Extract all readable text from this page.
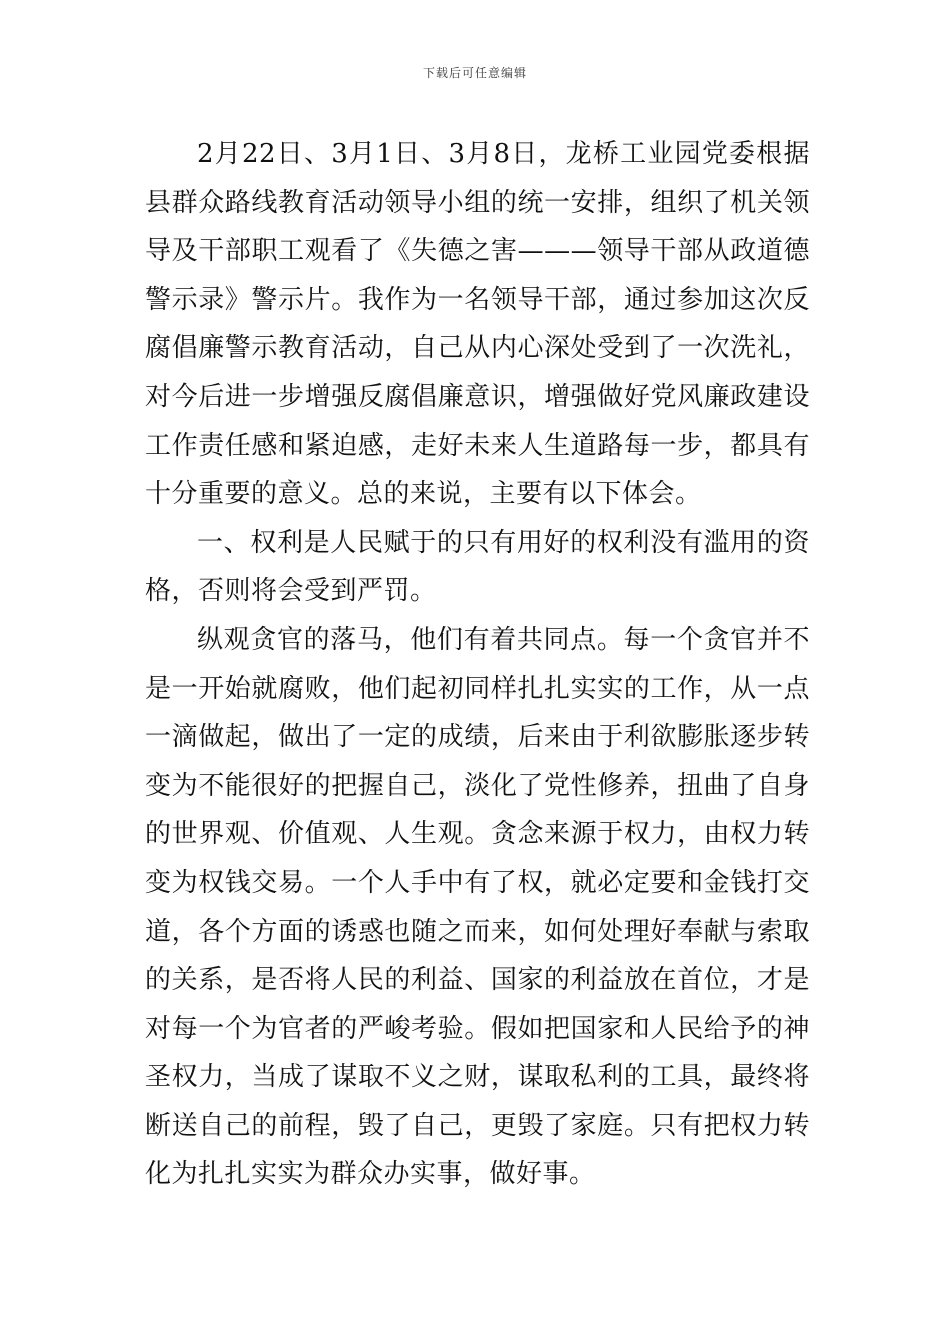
下载后可任意编辑

2月22日、3月1日、3月8日，龙桥工业园党委根据县群众路线教育活动领导小组的统一安排，组织了机关领导及干部职工观看了《失德之害———领导干部从政道德警示录》警示片。我作为一名领导干部，通过参加这次反腐倡廉警示教育活动，自己从内心深处受到了一次洗礼，对今后进一步增强反腐倡廉意识，增强做好党风廉政建设工作责任感和紧迫感，走好未来人生道路每一步，都具有十分重要的意义。总的来说，主要有以下体会。

一、权利是人民赋于的只有用好的权利没有滥用的资格，否则将会受到严罚。

纵观贪官的落马，他们有着共同点。每一个贪官并不是一开始就腐败，他们起初同样扎扎实实的工作，从一点一滴做起，做出了一定的成绩，后来由于利欲膨胀逐步转变为不能很好的把握自己，淡化了党性修养，扭曲了自身的世界观、价值观、人生观。贪念来源于权力，由权力转变为权钱交易。一个人手中有了权，就必定要和金钱打交道，各个方面的诱惑也随之而来，如何处理好奉献与索取的关系，是否将人民的利益、国家的利益放在首位，才是对每一个为官者的严峻考验。假如把国家和人民给予的神圣权力，当成了谋取不义之财，谋取私利的工具，最终将断送自己的前程，毁了自己，更毁了家庭。只有把权力转化为扎扎实实为群众办实事，做好事。
